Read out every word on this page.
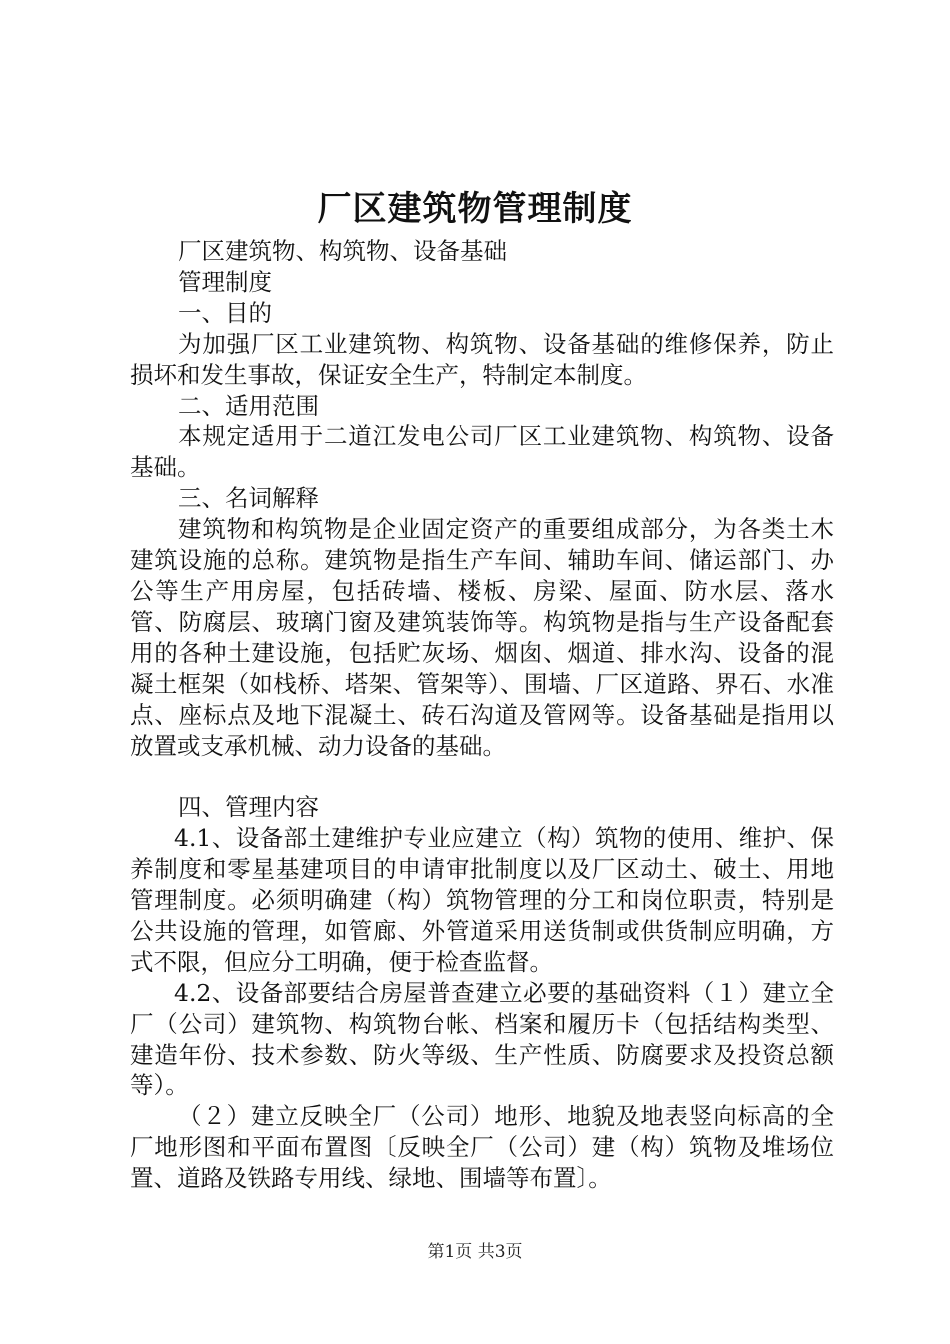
厂区建筑物管理制度

厂区建筑物、构筑物、设备基础

管理制度

一、目的

为加强厂区工业建筑物、构筑物、设备基础的维修保养，防止损坏和发生事故，保证安全生产，特制定本制度。

二、适用范围

本规定适用于二道江发电公司厂区工业建筑物、构筑物、设备基础。

三、名词解释

建筑物和构筑物是企业固定资产的重要组成部分，为各类土木建筑设施的总称。建筑物是指生产车间、辅助车间、储运部门、办公等生产用房屋，包括砖墙、楼板、房梁、屋面、防水层、落水管、防腐层、玻璃门窗及建筑装饰等。构筑物是指与生产设备配套用的各种土建设施，包括贮灰场、烟囱、烟道、排水沟、设备的混凝土框架（如栈桥、塔架、管架等）、围墙、厂区道路、界石、水准点、座标点及地下混凝土、砖石沟道及管网等。设备基础是指用以放置或支承机械、动力设备的基础。

四、管理内容

4.1、设备部土建维护专业应建立（构）筑物的使用、维护、保养制度和零星基建项目的申请审批制度以及厂区动土、破土、用地管理制度。必须明确建（构）筑物管理的分工和岗位职责，特别是公共设施的管理，如管廊、外管道采用送货制或供货制应明确，方式不限，但应分工明确，便于检查监督。

4.2、设备部要结合房屋普查建立必要的基础资料（１）建立全厂（公司）建筑物、构筑物台帐、档案和履历卡（包括结构类型、建造年份、技术参数、防火等级、生产性质、防腐要求及投资总额等）。

（２）建立反映全厂（公司）地形、地貌及地表竖向标高的全厂地形图和平面布置图〔反映全厂（公司）建（构）筑物及堆场位置、道路及铁路专用线、绿地、围墙等布置〕。

第1页 共3页
